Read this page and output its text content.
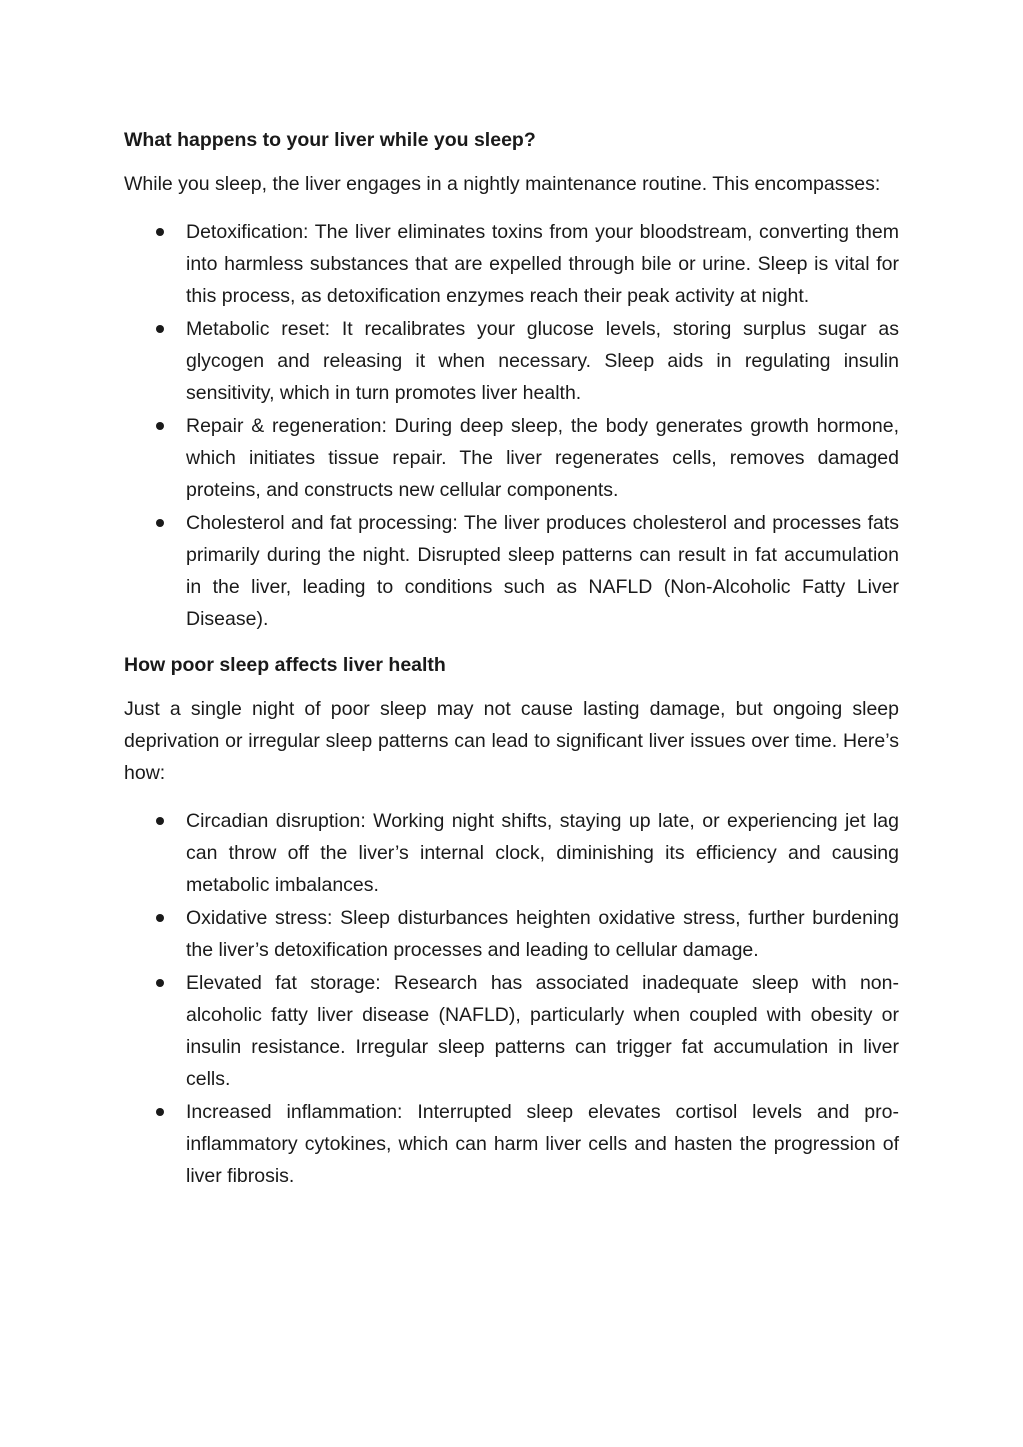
What happens to your liver while you sleep?
While you sleep, the liver engages in a nightly maintenance routine. This encompasses:
Detoxification: The liver eliminates toxins from your bloodstream, converting them into harmless substances that are expelled through bile or urine. Sleep is vital for this process, as detoxification enzymes reach their peak activity at night.
Metabolic reset: It recalibrates your glucose levels, storing surplus sugar as glycogen and releasing it when necessary. Sleep aids in regulating insulin sensitivity, which in turn promotes liver health.
Repair & regeneration: During deep sleep, the body generates growth hormone, which initiates tissue repair. The liver regenerates cells, removes damaged proteins, and constructs new cellular components.
Cholesterol and fat processing: The liver produces cholesterol and processes fats primarily during the night. Disrupted sleep patterns can result in fat accumulation in the liver, leading to conditions such as NAFLD (Non-Alcoholic Fatty Liver Disease).
How poor sleep affects liver health
Just a single night of poor sleep may not cause lasting damage, but ongoing sleep deprivation or irregular sleep patterns can lead to significant liver issues over time. Here’s how:
Circadian disruption: Working night shifts, staying up late, or experiencing jet lag can throw off the liver’s internal clock, diminishing its efficiency and causing metabolic imbalances.
Oxidative stress: Sleep disturbances heighten oxidative stress, further burdening the liver’s detoxification processes and leading to cellular damage.
Elevated fat storage: Research has associated inadequate sleep with non-alcoholic fatty liver disease (NAFLD), particularly when coupled with obesity or insulin resistance. Irregular sleep patterns can trigger fat accumulation in liver cells.
Increased inflammation: Interrupted sleep elevates cortisol levels and pro-inflammatory cytokines, which can harm liver cells and hasten the progression of liver fibrosis.
